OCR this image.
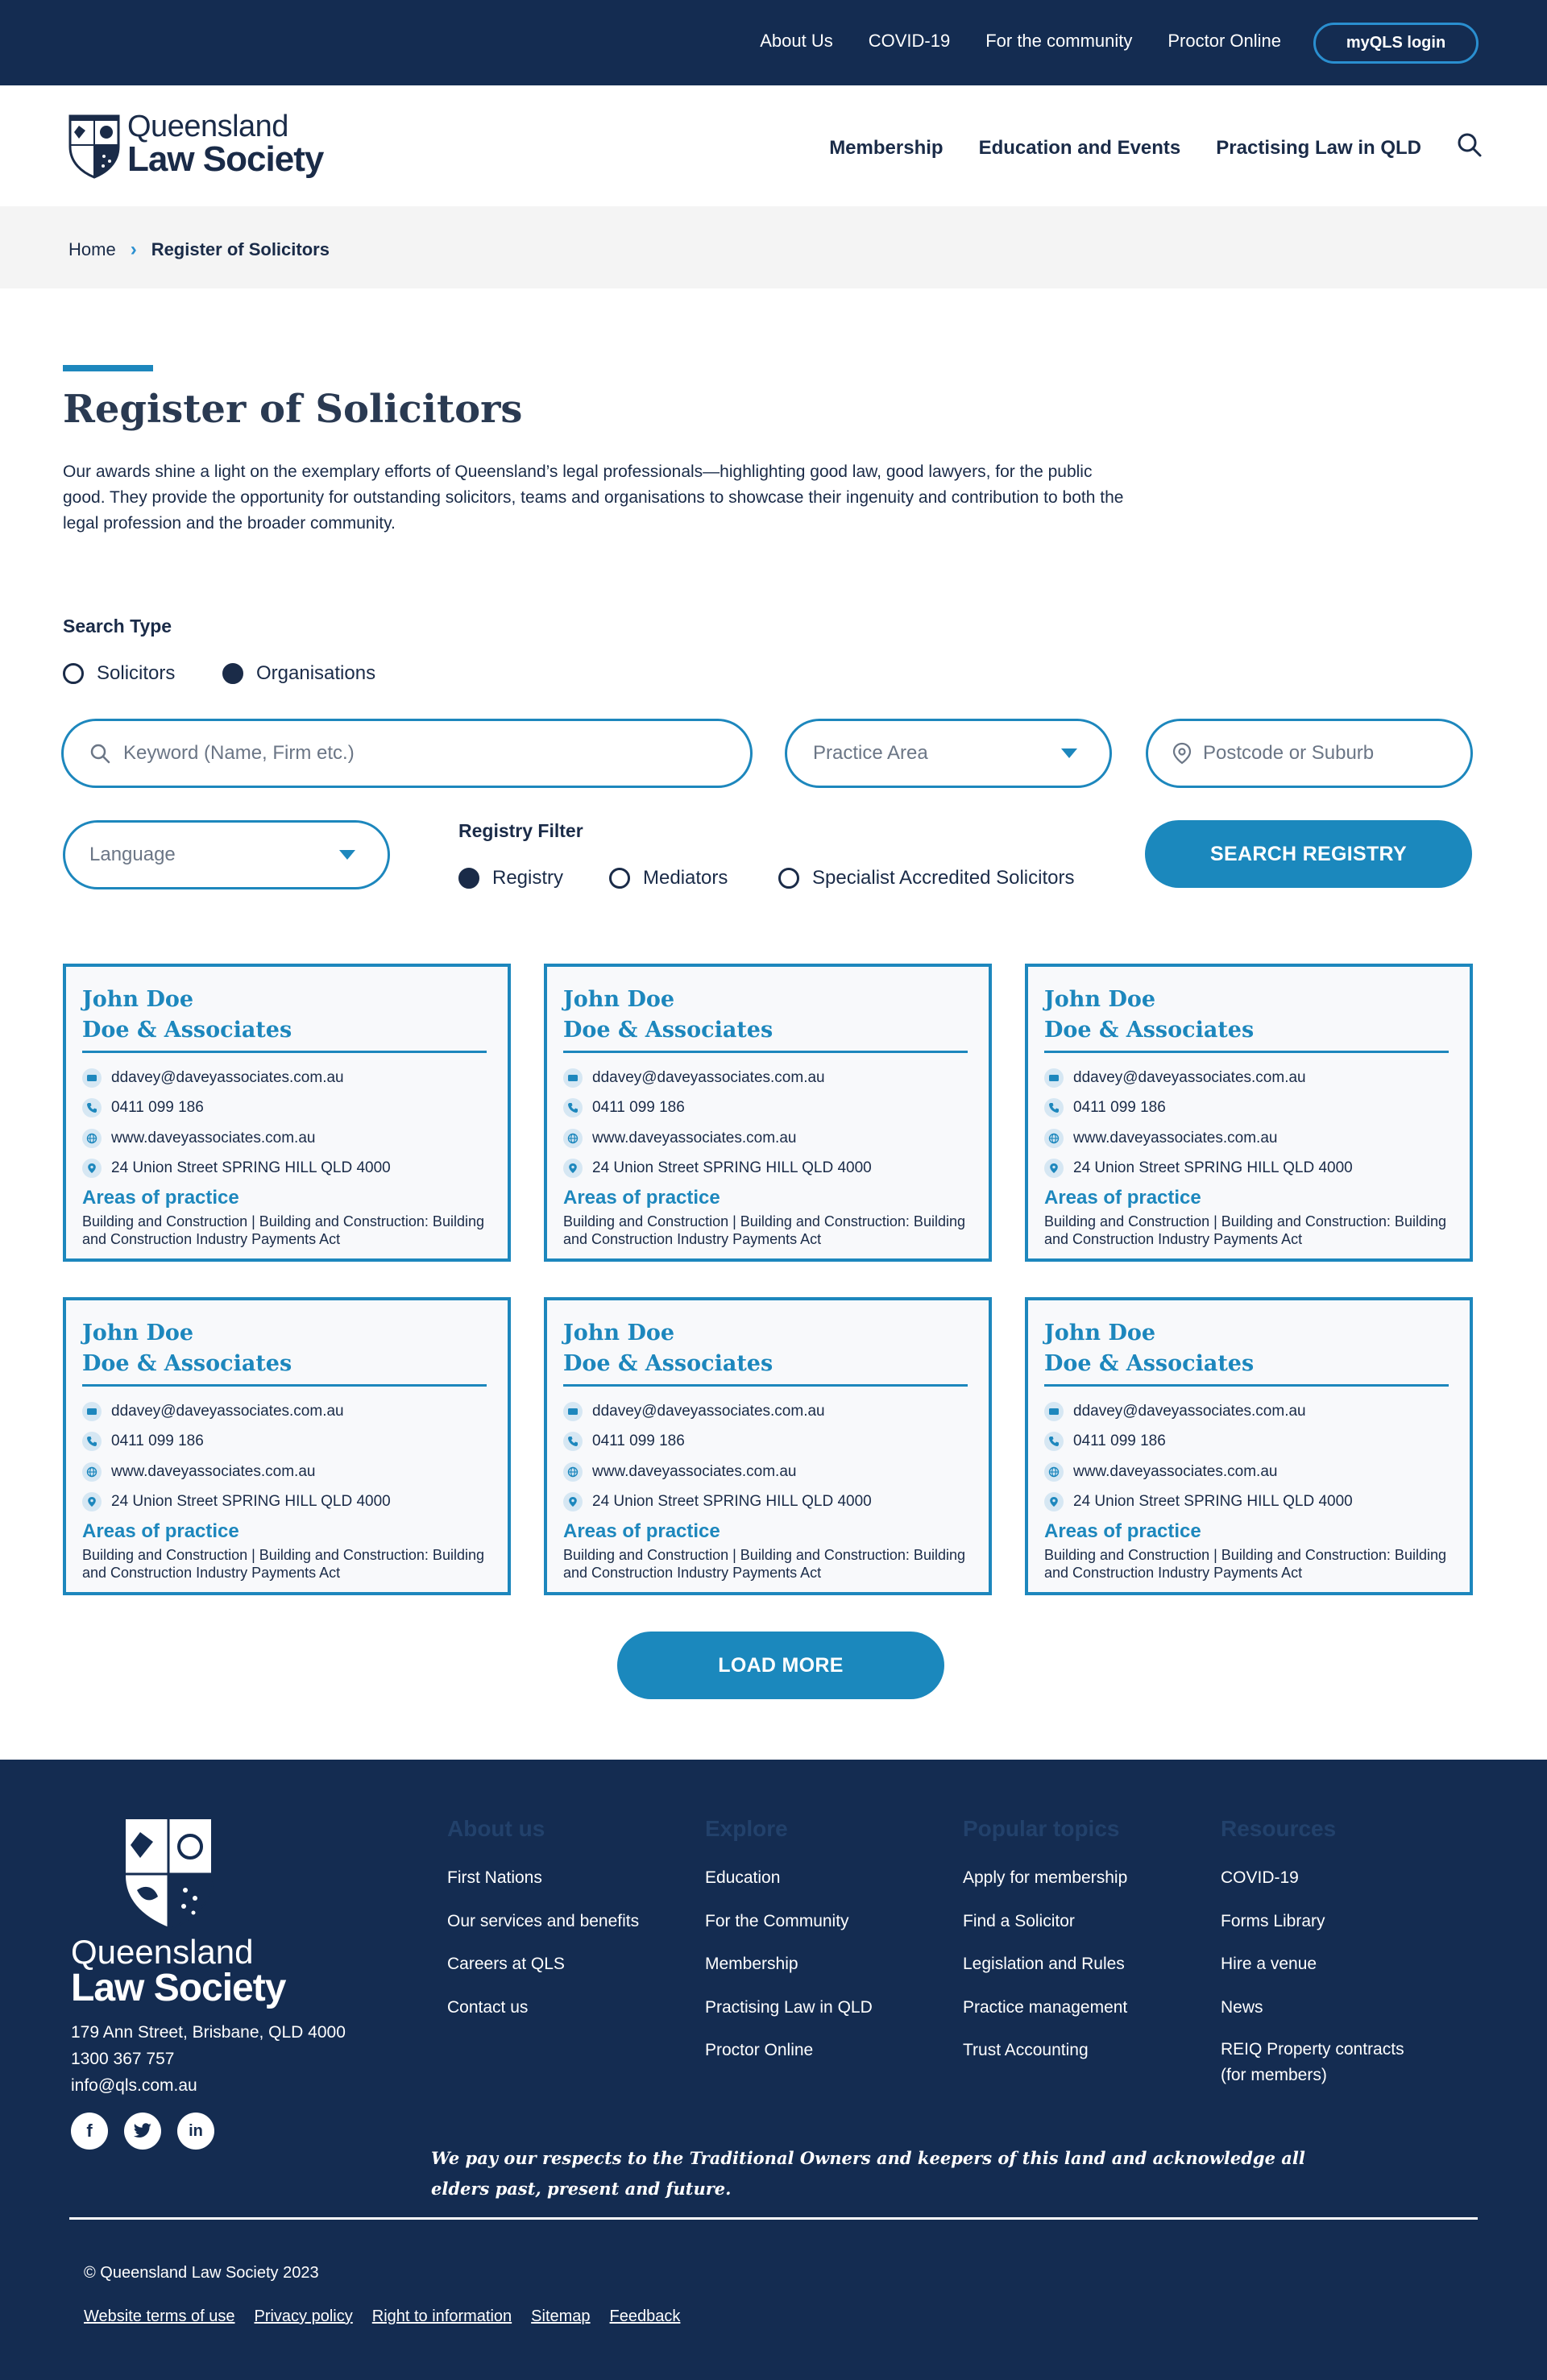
About Us COVID-19 For the community Proctor Online	myQLS login
Queensland
Law Society	Membership Education and Events Practising Law in QLD
Home › Register of Solicitors
Register of Solicitors

Our awards shine a light on the exemplary efforts of Queensland’s legal professionals—highlighting good law, good lawyers, for the public good. They provide the opportunity for outstanding solicitors, teams and organisations to showcase their ingenuity and contribution to both the legal profession and the broader community.

Search Type
Solicitors	Organisations
Keyword (Name, Firm etc.)	Practice Area	Postcode or Suburb
Language
Registry Filter
Registry	Mediators	Specialist Accredited Solicitors
SEARCH REGISTRY
John Doe
Doe & Associates
ddavey@daveyassociates.com.au
0411 099 186
www.daveyassociates.com.au
24 Union Street SPRING HILL QLD 4000
Areas of practice
Building and Construction | Building and Construction: Building and Construction Industry Payments Act
John Doe
Doe & Associates
ddavey@daveyassociates.com.au
0411 099 186
www.daveyassociates.com.au
24 Union Street SPRING HILL QLD 4000
Areas of practice
Building and Construction | Building and Construction: Building and Construction Industry Payments Act
John Doe
Doe & Associates
ddavey@daveyassociates.com.au
0411 099 186
www.daveyassociates.com.au
24 Union Street SPRING HILL QLD 4000
Areas of practice
Building and Construction | Building and Construction: Building and Construction Industry Payments Act
John Doe
Doe & Associates
ddavey@daveyassociates.com.au
0411 099 186
www.daveyassociates.com.au
24 Union Street SPRING HILL QLD 4000
Areas of practice
Building and Construction | Building and Construction: Building and Construction Industry Payments Act
John Doe
Doe & Associates
ddavey@daveyassociates.com.au
0411 099 186
www.daveyassociates.com.au
24 Union Street SPRING HILL QLD 4000
Areas of practice
Building and Construction | Building and Construction: Building and Construction Industry Payments Act
John Doe
Doe & Associates
ddavey@daveyassociates.com.au
0411 099 186
www.daveyassociates.com.au
24 Union Street SPRING HILL QLD 4000
Areas of practice
Building and Construction | Building and Construction: Building and Construction Industry Payments Act
LOAD MORE
Queensland
Law Society
179 Ann Street, Brisbane, QLD 4000
1300 367 757
info@qls.com.au
f	in
About us
First Nations
Our services and benefits
Careers at QLS
Contact us
Explore
Education
For the Community
Membership
Practising Law in QLD
Proctor Online
Popular topics
Apply for membership
Find a Solicitor
Legislation and Rules
Practice management
Trust Accounting
Resources
COVID-19
Forms Library
Hire a venue
News
REIQ Property contracts (for members)
We pay our respects to the Traditional Owners and keepers of this land and acknowledge all elders past, present and future.
© Queensland Law Society 2023
Website terms of use Privacy policy Right to information Sitemap Feedback
